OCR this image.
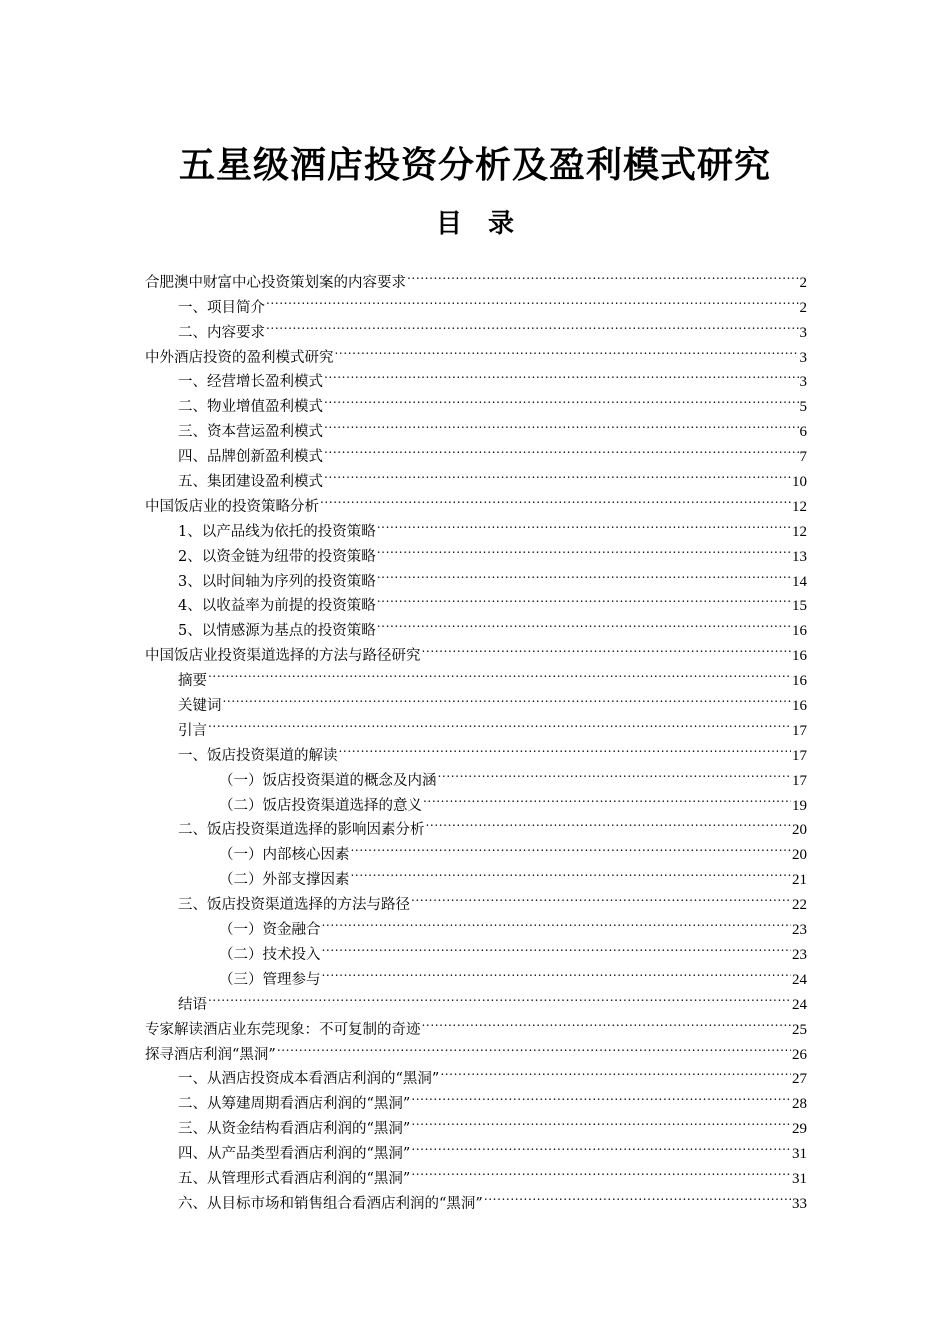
五星级酒店投资分析及盈利模式研究
目 录
合肥澳中财富中心投资策划案的内容要求 .....	2
一、项目简介 .....	2
二、内容要求 .....	3
中外酒店投资的盈利模式研究 .....	3
一、经营增长盈利模式 .....	3
二、物业增值盈利模式 .....	5
三、资本营运盈利模式 .....	6
四、品牌创新盈利模式 .....	7
五、集团建设盈利模式 .....	10
中国饭店业的投资策略分析 .....	12
1、以产品线为依托的投资策略 .....	12
2、以资金链为纽带的投资策略 .....	13
3、以时间轴为序列的投资策略 .....	14
4、以收益率为前提的投资策略 .....	15
5、以情感源为基点的投资策略 .....	16
中国饭店业投资渠道选择的方法与路径研究 .....	16
摘要 .....	16
关键词 .....	16
引言 .....	17
一、饭店投资渠道的解读 .....	17
（一）饭店投资渠道的概念及内涵 .....	17
（二）饭店投资渠道选择的意义 .....	19
二、饭店投资渠道选择的影响因素分析 .....	20
（一）内部核心因素 .....	20
（二）外部支撑因素 .....	21
三、饭店投资渠道选择的方法与路径 .....	22
（一）资金融合 .....	23
（二）技术投入 .....	23
（三）管理参与 .....	24
结语 .....	24
专家解读酒店业东莞现象：不可复制的奇迹 .....	25
探寻酒店利润“黑洞” .....	26
一、从酒店投资成本看酒店利润的“黑洞” .....	27
二、从筹建周期看酒店利润的“黑洞” .....	28
三、从资金结构看酒店利润的“黑洞” .....	29
四、从产品类型看酒店利润的“黑洞” .....	31
五、从管理形式看酒店利润的“黑洞” .....	31
六、从目标市场和销售组合看酒店利润的“黑洞” .....	33
